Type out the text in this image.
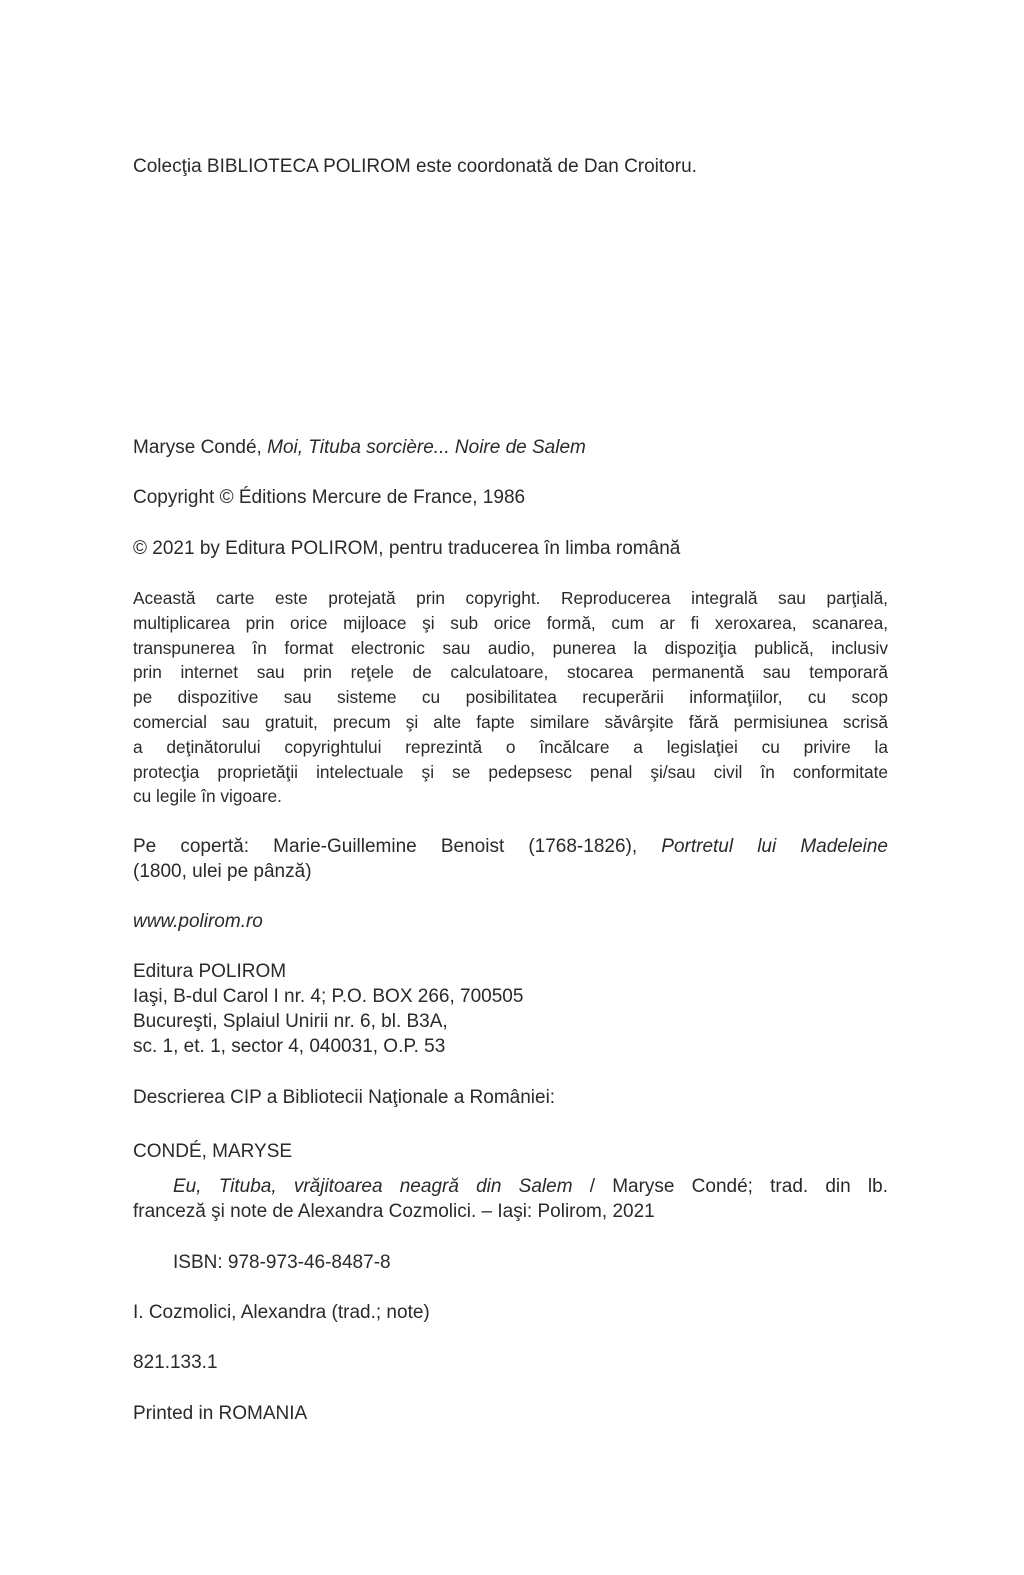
Colecţia BIBLIOTECA POLIROM este coordonată de Dan Croitoru.
Maryse Condé, Moi, Tituba sorcière... Noire de Salem
Copyright © Éditions Mercure de France, 1986
© 2021 by Editura POLIROM, pentru traducerea în limba română
Această carte este protejată prin copyright. Reproducerea integrală sau parţială,
multiplicarea prin orice mijloace şi sub orice formă, cum ar fi xeroxarea, scanarea,
transpunerea în format electronic sau audio, punerea la dispoziţia publică, inclusiv
prin internet sau prin reţele de calculatoare, stocarea permanentă sau temporară
pe dispozitive sau sisteme cu posibilitatea recuperării informaţiilor, cu scop
comercial sau gratuit, precum şi alte fapte similare săvârşite fără permisiunea scrisă
a deţinătorului copyrightului reprezintă o încălcare a legislaţiei cu privire la
protecţia proprietăţii intelectuale şi se pedepsesc penal şi/sau civil în conformitate
cu legile în vigoare.
Pe copertă: Marie-Guillemine Benoist (1768-1826), Portretul lui Madeleine
(1800, ulei pe pânză)
www.polirom.ro
Editura POLIROM
Iaşi, B-dul Carol I nr. 4; P.O. BOX 266, 700505
Bucureşti, Splaiul Unirii nr. 6, bl. B3A,
sc. 1, et. 1, sector 4, 040031, O.P. 53
Descrierea CIP a Bibliotecii Naţionale a României:
CONDÉ, MARYSE
Eu, Tituba, vrăjitoarea neagră din Salem / Maryse Condé; trad. din lb.
franceză şi note de Alexandra Cozmolici. – Iaşi: Polirom, 2021
ISBN: 978-973-46-8487-8
I. Cozmolici, Alexandra (trad.; note)
821.133.1
Printed in ROMANIA
